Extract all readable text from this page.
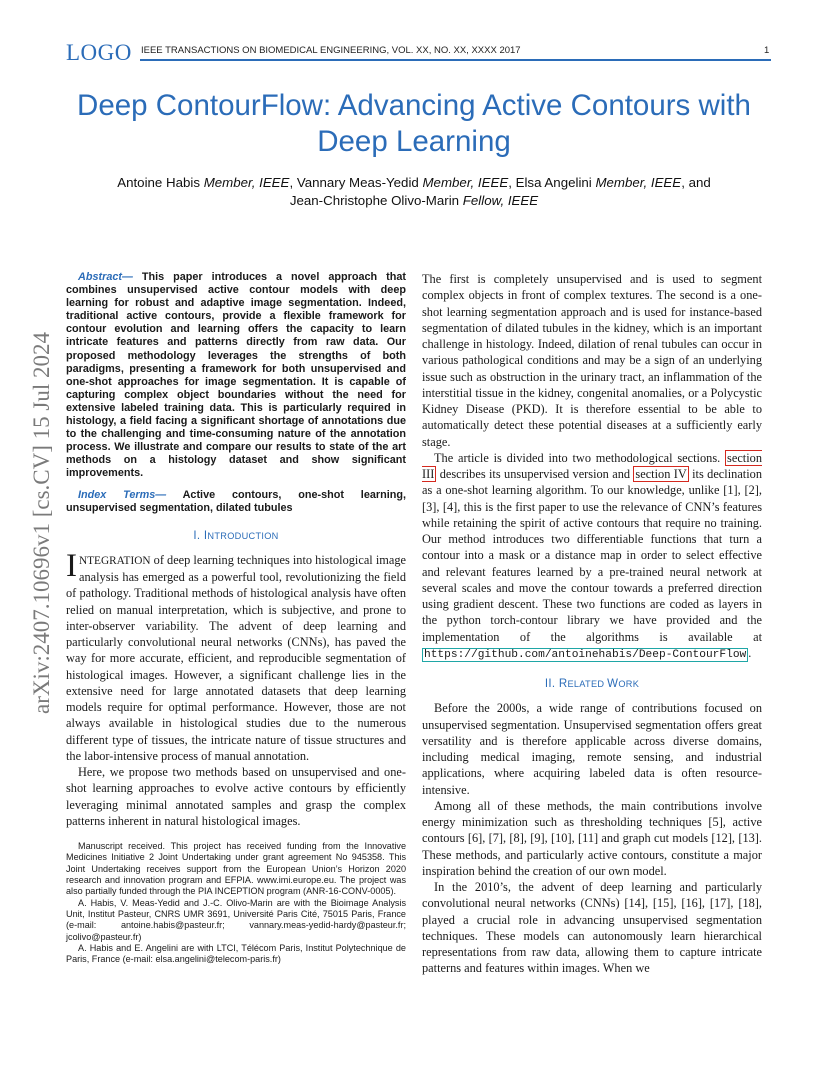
LOGO IEEE TRANSACTIONS ON BIOMEDICAL ENGINEERING, VOL. XX, NO. XX, XXXX 2017	1
arXiv:2407.10696v1 [cs.CV] 15 Jul 2024
Deep ContourFlow: Advancing Active Contours with Deep Learning
Antoine Habis Member, IEEE, Vannary Meas-Yedid Member, IEEE, Elsa Angelini Member, IEEE, and
Jean-Christophe Olivo-Marin Fellow, IEEE

Abstract— This paper introduces a novel approach that combines unsupervised active contour models with deep learning for robust and adaptive image segmentation. Indeed, traditional active contours, provide a flexible framework for contour evolution and learning offers the capacity to learn intricate features and patterns directly from raw data. Our proposed methodology leverages the strengths of both paradigms, presenting a framework for both unsupervised and one-shot approaches for image segmentation. It is capable of capturing complex object boundaries without the need for extensive labeled training data. This is particularly required in histology, a field facing a significant shortage of annotations due to the challenging and time-consuming nature of the annotation process. We illustrate and compare our results to state of the art methods on a histology dataset and show significant improvements.

Index Terms— Active contours, one-shot learning, unsupervised segmentation, dilated tubules

I. INTRODUCTION

INTEGRATION of deep learning techniques into histological image analysis has emerged as a powerful tool, revolutionizing the field of pathology. Traditional methods of histological analysis have often relied on manual interpretation, which is subjective, and prone to inter-observer variability. The advent of deep learning and particularly convolutional neural networks (CNNs), has paved the way for more accurate, efficient, and reproducible segmentation of histological images. However, a significant challenge lies in the extensive need for large annotated datasets that deep learning models require for optimal performance. However, those are not always available in histological studies due to the numerous different type of tissues, the intricate nature of tissue structures and the labor-intensive process of manual annotation.

Here, we propose two methods based on unsupervised and one-shot learning approaches to evolve active contours by efficiently leveraging minimal annotated samples and grasp the complex patterns inherent in natural histological images.

Manuscript received. This project has received funding from the Innovative Medicines Initiative 2 Joint Undertaking under grant agreement No 945358. This Joint Undertaking receives support from the European Union’s Horizon 2020 research and innovation program and EFPIA. www.imi.europe.eu. The project was also partially funded through the PIA INCEPTION program (ANR-16-CONV-0005).

A. Habis, V. Meas-Yedid and J.-C. Olivo-Marin are with the Bioimage Analysis Unit, Institut Pasteur, CNRS UMR 3691, Université Paris Cité, 75015 Paris, France (e-mail: antoine.habis@pasteur.fr; vannary.meas-yedid-hardy@pasteur.fr; jcolivo@pasteur.fr)

A. Habis and E. Angelini are with LTCI, Télécom Paris, Institut Polytechnique de Paris, France (e-mail: elsa.angelini@telecom-paris.fr)

The first is completely unsupervised and is used to segment complex objects in front of complex textures. The second is a one-shot learning segmentation approach and is used for instance-based segmentation of dilated tubules in the kidney, which is an important challenge in histology. Indeed, dilation of renal tubules can occur in various pathological conditions and may be a sign of an underlying issue such as obstruction in the urinary tract, an inflammation of the interstitial tissue in the kidney, congenital anomalies, or a Polycystic Kidney Disease (PKD). It is therefore essential to be able to automatically detect these potential diseases at a sufficiently early stage.

The article is divided into two methodological sections. section III describes its unsupervised version and section IV its declination as a one-shot learning algorithm. To our knowledge, unlike [1], [2], [3], [4], this is the first paper to use the relevance of CNN’s features while retaining the spirit of active contours that require no training. Our method introduces two differentiable functions that turn a contour into a mask or a distance map in order to select effective and relevant features learned by a pre-trained neural network at several scales and move the contour towards a preferred direction using gradient descent. These two functions are coded as layers in the python torch-contour library we have provided and the implementation of the algorithms is available at https://github.com/antoinehabis/Deep-ContourFlow .

II. RELATED WORK

Before the 2000s, a wide range of contributions focused on unsupervised segmentation. Unsupervised segmentation offers great versatility and is therefore applicable across diverse domains, including medical imaging, remote sensing, and industrial applications, where acquiring labeled data is often resource-intensive.

Among all of these methods, the main contributions involve energy minimization such as thresholding techniques [5], active contours [6], [7], [8], [9], [10], [11] and graph cut models [12], [13]. These methods, and particularly active contours, constitute a major inspiration behind the creation of our own model.

In the 2010’s, the advent of deep learning and particularly convolutional neural networks (CNNs) [14], [15], [16], [17], [18], played a crucial role in advancing unsupervised segmentation techniques. These models can autonomously learn hierarchical representations from raw data, allowing them to capture intricate patterns and features within images. When we
